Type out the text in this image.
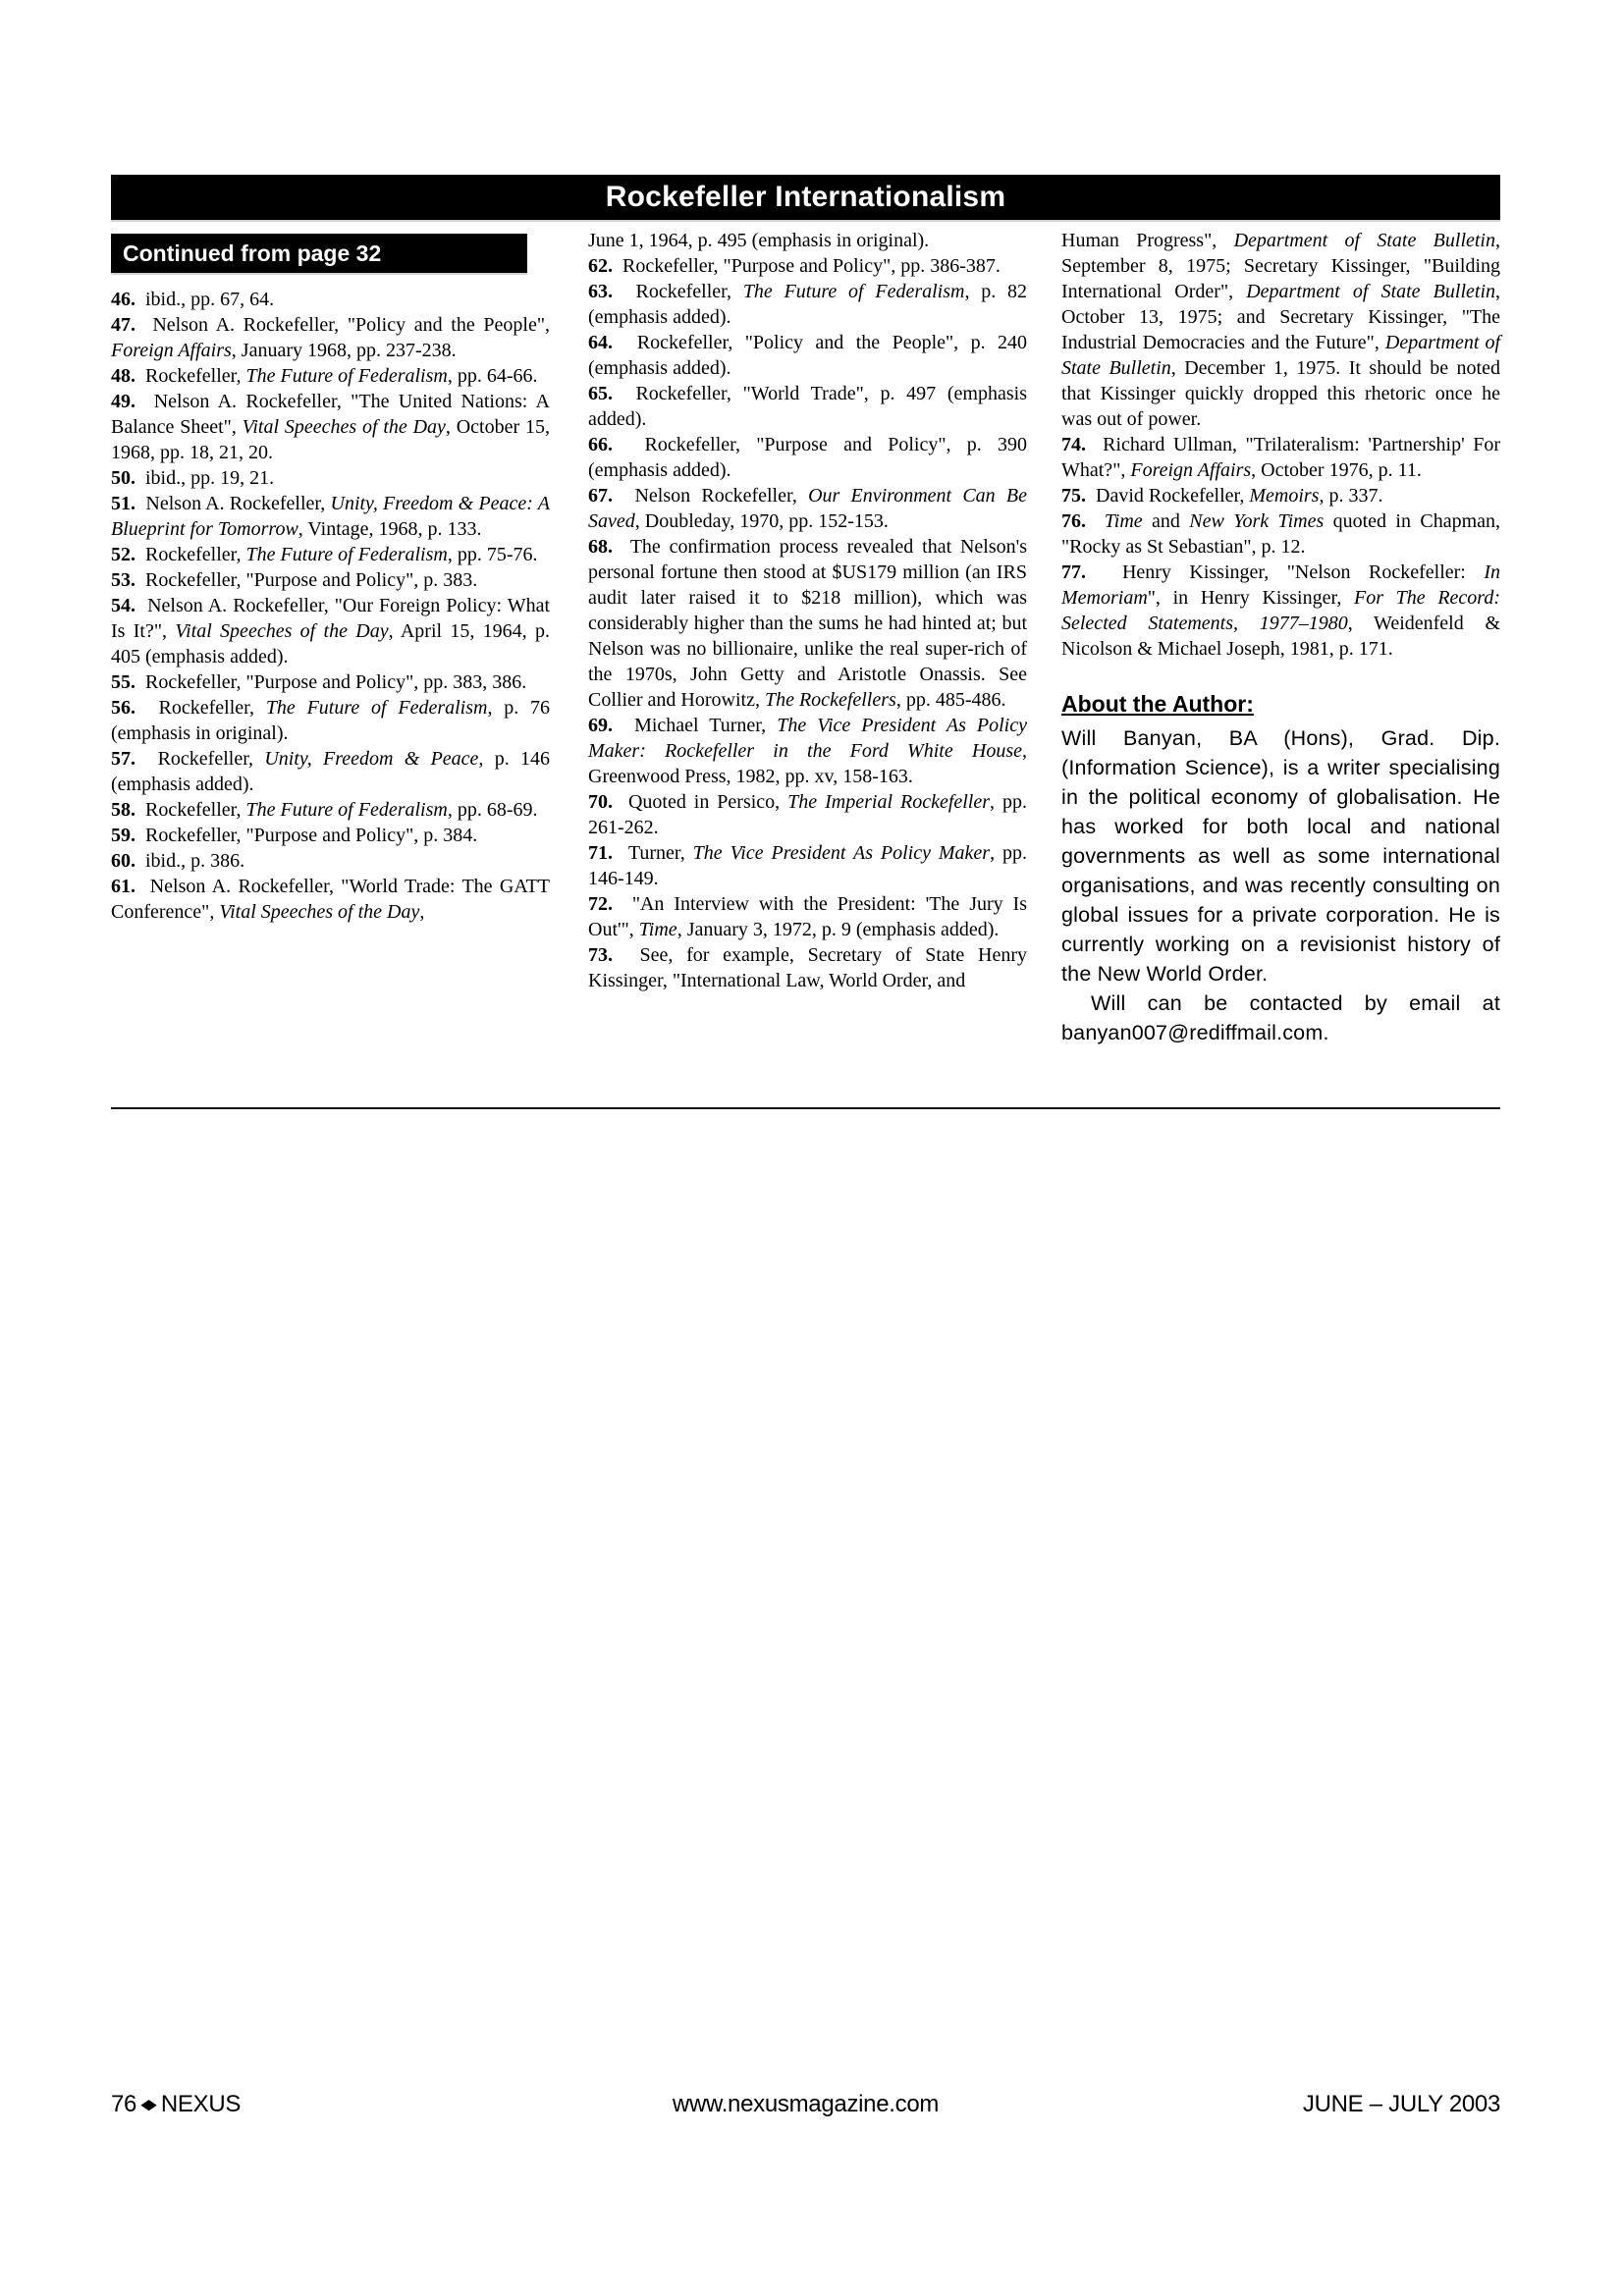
Rockefeller Internationalism
Continued from page 32

46.  ibid., pp. 67, 64.

47.  Nelson A. Rockefeller, "Policy and the People", Foreign Affairs, January 1968, pp. 237-238.

48.  Rockefeller, The Future of Federalism, pp. 64-66.

49.  Nelson A. Rockefeller, "The United Nations: A Balance Sheet", Vital Speeches of the Day, October 15, 1968, pp. 18, 21, 20.

50.  ibid., pp. 19, 21.

51.  Nelson A. Rockefeller, Unity, Freedom & Peace: A Blueprint for Tomorrow, Vintage, 1968, p. 133.

52.  Rockefeller, The Future of Federalism, pp. 75-76.

53.  Rockefeller, "Purpose and Policy", p. 383.

54.  Nelson A. Rockefeller, "Our Foreign Policy: What Is It?", Vital Speeches of the Day, April 15, 1964, p. 405 (emphasis added).

55.  Rockefeller, "Purpose and Policy", pp. 383, 386.

56.  Rockefeller, The Future of Federalism, p. 76 (emphasis in original).

57.  Rockefeller, Unity, Freedom & Peace, p. 146 (emphasis added).

58.  Rockefeller, The Future of Federalism, pp. 68-69.

59.  Rockefeller, "Purpose and Policy", p. 384.

60.  ibid., p. 386.

61.  Nelson A. Rockefeller, "World Trade: The GATT Conference", Vital Speeches of the Day,

June 1, 1964, p. 495 (emphasis in original).

62.  Rockefeller, "Purpose and Policy", pp. 386-387.

63.  Rockefeller, The Future of Federalism, p. 82 (emphasis added).

64.  Rockefeller, "Policy and the People", p. 240 (emphasis added).

65.  Rockefeller, "World Trade", p. 497 (emphasis added).

66.  Rockefeller, "Purpose and Policy", p. 390 (emphasis added).

67.  Nelson Rockefeller, Our Environment Can Be Saved, Doubleday, 1970, pp. 152-153.

68.  The confirmation process revealed that Nelson's personal fortune then stood at $US179 million (an IRS audit later raised it to $218 million), which was considerably higher than the sums he had hinted at; but Nelson was no billionaire, unlike the real super-rich of the 1970s, John Getty and Aristotle Onassis. See Collier and Horowitz, The Rockefellers, pp. 485-486.

69.  Michael Turner, The Vice President As Policy Maker: Rockefeller in the Ford White House, Greenwood Press, 1982, pp. xv, 158-163.

70.  Quoted in Persico, The Imperial Rockefeller, pp. 261-262.

71.  Turner, The Vice President As Policy Maker, pp. 146-149.

72.  "An Interview with the President: 'The Jury Is Out'", Time, January 3, 1972, p. 9 (emphasis added).

73.  See, for example, Secretary of State Henry Kissinger, "International Law, World Order, and

Human Progress", Department of State Bulletin, September 8, 1975; Secretary Kissinger, "Building International Order", Department of State Bulletin, October 13, 1975; and Secretary Kissinger, "The Industrial Democracies and the Future", Department of State Bulletin, December 1, 1975. It should be noted that Kissinger quickly dropped this rhetoric once he was out of power.

74.  Richard Ullman, "Trilateralism: 'Partnership' For What?", Foreign Affairs, October 1976, p. 11.

75.  David Rockefeller, Memoirs, p. 337.

76.  Time and New York Times quoted in Chapman, "Rocky as St Sebastian", p. 12.

77.  Henry Kissinger, "Nelson Rockefeller: In Memoriam", in Henry Kissinger, For The Record: Selected Statements, 1977–1980, Weidenfeld & Nicolson & Michael Joseph, 1981, p. 171.

About the Author:

Will Banyan, BA (Hons), Grad. Dip. (Information Science), is a writer specialising in the political economy of globalisation. He has worked for both local and national governments as well as some international organisations, and was recently consulting on global issues for a private corporation. He is currently working on a revisionist history of the New World Order.

Will can be contacted by email at banyan007@rediffmail.com.

76 ◆ NEXUS	www.nexusmagazine.com	JUNE – JULY 2003
